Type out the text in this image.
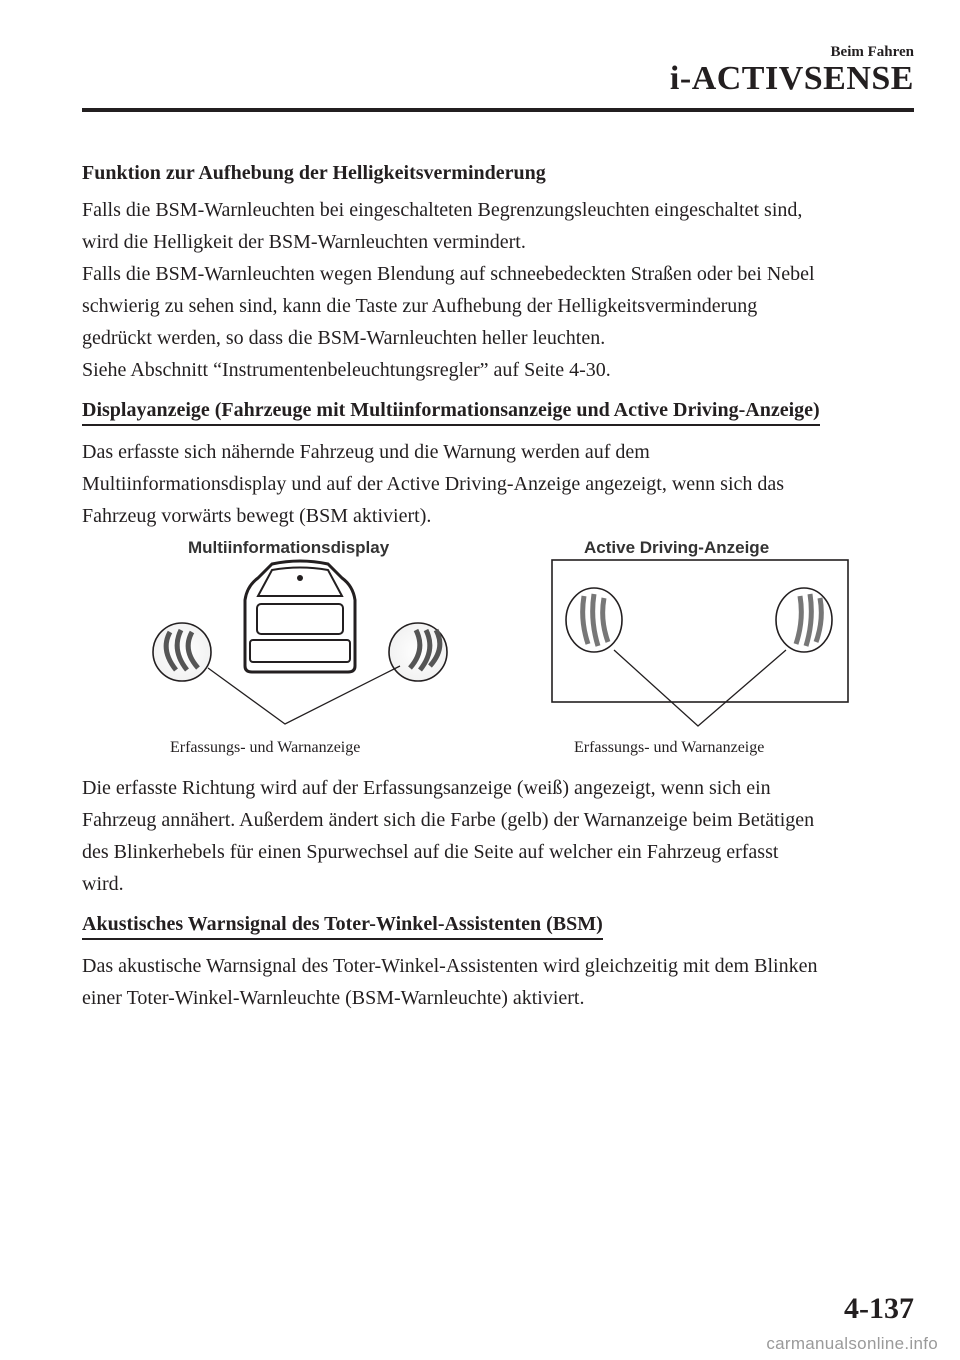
Beim Fahren
i-ACTIVSENSE
Funktion zur Aufhebung der Helligkeitsverminderung

Falls die BSM-Warnleuchten bei eingeschalteten Begrenzungsleuchten eingeschaltet sind,

wird die Helligkeit der BSM-Warnleuchten vermindert.

Falls die BSM-Warnleuchten wegen Blendung auf schneebedeckten Straßen oder bei Nebel

schwierig zu sehen sind, kann die Taste zur Aufhebung der Helligkeitsverminderung

gedrückt werden, so dass die BSM-Warnleuchten heller leuchten.

Siehe Abschnitt “Instrumentenbeleuchtungsregler” auf Seite 4-30.

Displayanzeige (Fahrzeuge mit Multiinformationsanzeige und Active Driving-Anzeige)

Das erfasste sich nähernde Fahrzeug und die Warnung werden auf dem

Multiinformationsdisplay und auf der Active Driving-Anzeige angezeigt, wenn sich das

Fahrzeug vorwärts bewegt (BSM aktiviert).

Multiinformationsdisplay	Active Driving-Anzeige
Erfassungs- und Warnanzeige	Erfassungs- und Warnanzeige

Die erfasste Richtung wird auf der Erfassungsanzeige (weiß) angezeigt, wenn sich ein

Fahrzeug annähert. Außerdem ändert sich die Farbe (gelb) der Warnanzeige beim Betätigen

des Blinkerhebels für einen Spurwechsel auf die Seite auf welcher ein Fahrzeug erfasst

wird.

Akustisches Warnsignal des Toter-Winkel-Assistenten (BSM)

Das akustische Warnsignal des Toter-Winkel-Assistenten wird gleichzeitig mit dem Blinken

einer Toter-Winkel-Warnleuchte (BSM-Warnleuchte) aktiviert.

4-137
carmanualsonline.info
